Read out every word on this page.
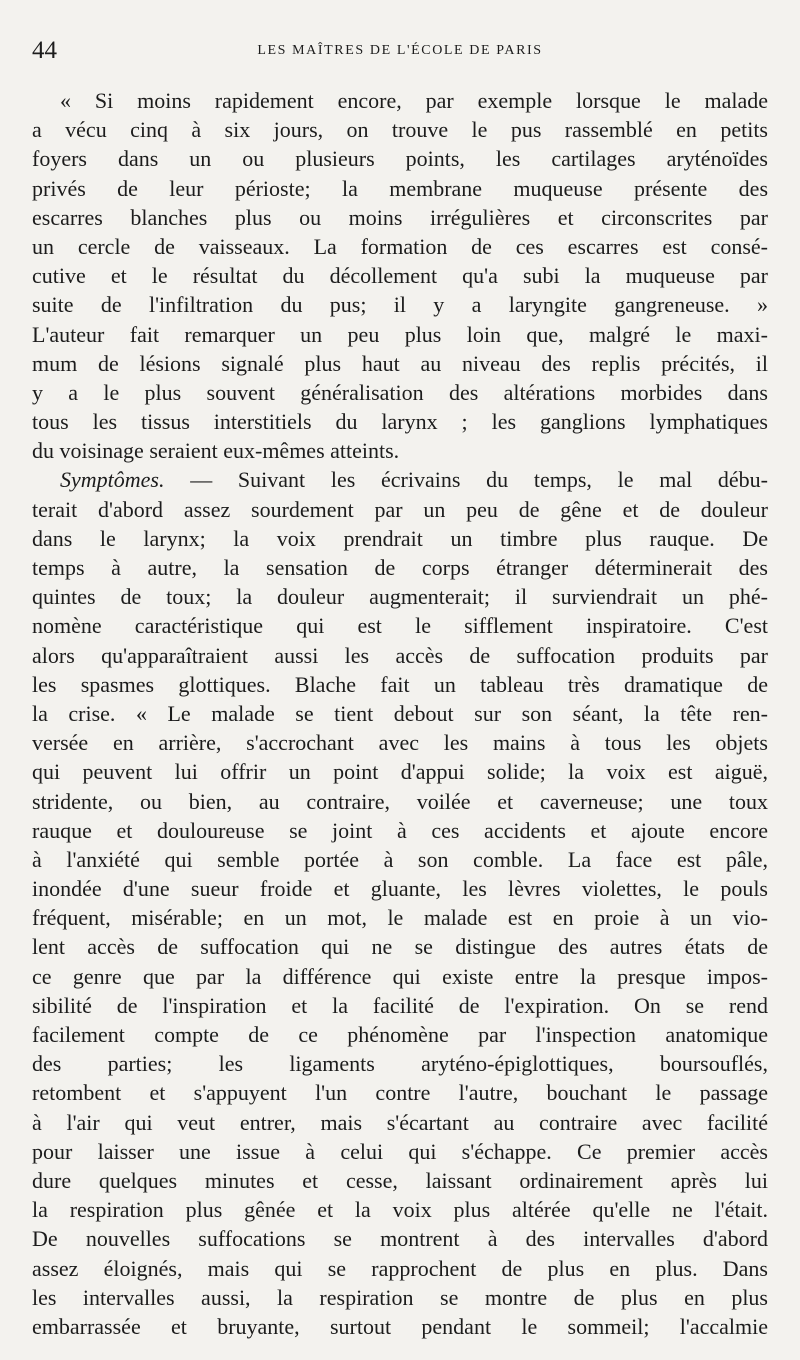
44	LES MAÎTRES DE L'ÉCOLE DE PARIS
« Si moins rapidement encore, par exemple lorsque le malade
a vécu cinq à six jours, on trouve le pus rassemblé en petits
foyers dans un ou plusieurs points, les cartilages aryténoïdes
privés de leur périoste; la membrane muqueuse présente des
escarres blanches plus ou moins irrégulières et circonscrites par
un cercle de vaisseaux. La formation de ces escarres est consé-
cutive et le résultat du décollement qu'a subi la muqueuse par
suite de l'infiltration du pus; il y a laryngite gangreneuse. »
L'auteur fait remarquer un peu plus loin que, malgré le maxi-
mum de lésions signalé plus haut au niveau des replis précités, il
y a le plus souvent généralisation des altérations morbides dans
tous les tissus interstitiels du larynx ; les ganglions lymphatiques
du voisinage seraient eux-mêmes atteints.
Symptômes. — Suivant les écrivains du temps, le mal débu-
terait d'abord assez sourdement par un peu de gêne et de douleur
dans le larynx; la voix prendrait un timbre plus rauque. De
temps à autre, la sensation de corps étranger déterminerait des
quintes de toux; la douleur augmenterait; il surviendrait un phé-
nomène caractéristique qui est le sifflement inspiratoire. C'est
alors qu'apparaîtraient aussi les accès de suffocation produits par
les spasmes glottiques. Blache fait un tableau très dramatique de
la crise. « Le malade se tient debout sur son séant, la tête ren-
versée en arrière, s'accrochant avec les mains à tous les objets
qui peuvent lui offrir un point d'appui solide; la voix est aiguë,
stridente, ou bien, au contraire, voilée et caverneuse; une toux
rauque et douloureuse se joint à ces accidents et ajoute encore
à l'anxiété qui semble portée à son comble. La face est pâle,
inondée d'une sueur froide et gluante, les lèvres violettes, le pouls
fréquent, misérable; en un mot, le malade est en proie à un vio-
lent accès de suffocation qui ne se distingue des autres états de
ce genre que par la différence qui existe entre la presque impos-
sibilité de l'inspiration et la facilité de l'expiration. On se rend
facilement compte de ce phénomène par l'inspection anatomique
des parties; les ligaments aryténo-épiglottiques, boursouflés,
retombent et s'appuyent l'un contre l'autre, bouchant le passage
à l'air qui veut entrer, mais s'écartant au contraire avec facilité
pour laisser une issue à celui qui s'échappe. Ce premier accès
dure quelques minutes et cesse, laissant ordinairement après lui
la respiration plus gênée et la voix plus altérée qu'elle ne l'était.
De nouvelles suffocations se montrent à des intervalles d'abord
assez éloignés, mais qui se rapprochent de plus en plus. Dans
les intervalles aussi, la respiration se montre de plus en plus
embarrassée et bruyante, surtout pendant le sommeil; l'accalmie
